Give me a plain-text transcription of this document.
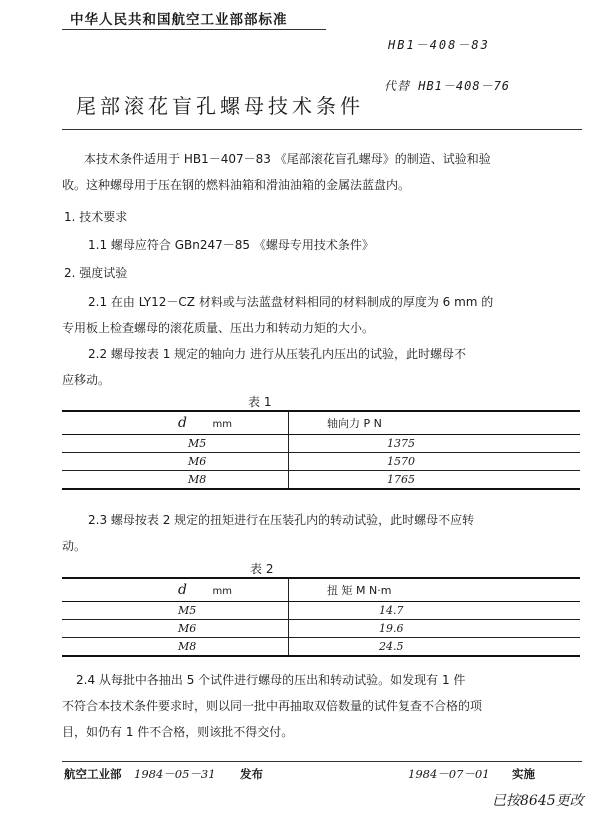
中华人民共和国航空工业部部标准
HB1－408－83
代替 HB1－408－76
尾部滚花盲孔螺母技术条件
本技术条件适用于 HB1－407－83 《尾部滚花盲孔螺母》的制造、试验和验
收。这种螺母用于压在钢的燃料油箱和滑油油箱的金属法蓝盘内。
1. 技术要求
1.1 螺母应符合 GBn247－85 《螺母专用技术条件》
2. 强度试验
2.1 在由 LY12－CZ 材料或与法蓝盘材料相同的材料制成的厚度为 6 mm 的
专用板上检查螺母的滚花质量、压出力和转动力矩的大小。
2.2 螺母按表 1 规定的轴向力 进行从压装孔内压出的试验，此时螺母不
应移动。
表 1
d mm	轴向力 P N
M5	1375
M6	1570
M8	1765
2.3 螺母按表 2 规定的扭矩进行在压装孔内的转动试验，此时螺母不应转
动。
表 2
d mm	扭 矩 M N·m
M5	14.7
M6	19.6
M8	24.5
2.4 从每批中各抽出 5 个试件进行螺母的压出和转动试验。如发现有 1 件
不符合本技术条件要求时，则以同一批中再抽取双倍数量的试件复查不合格的项
目，如仍有 1 件不合格，则该批不得交付。
航空工业部 1984－05－31 发布	1984－07－01 实施
已按8645更改
